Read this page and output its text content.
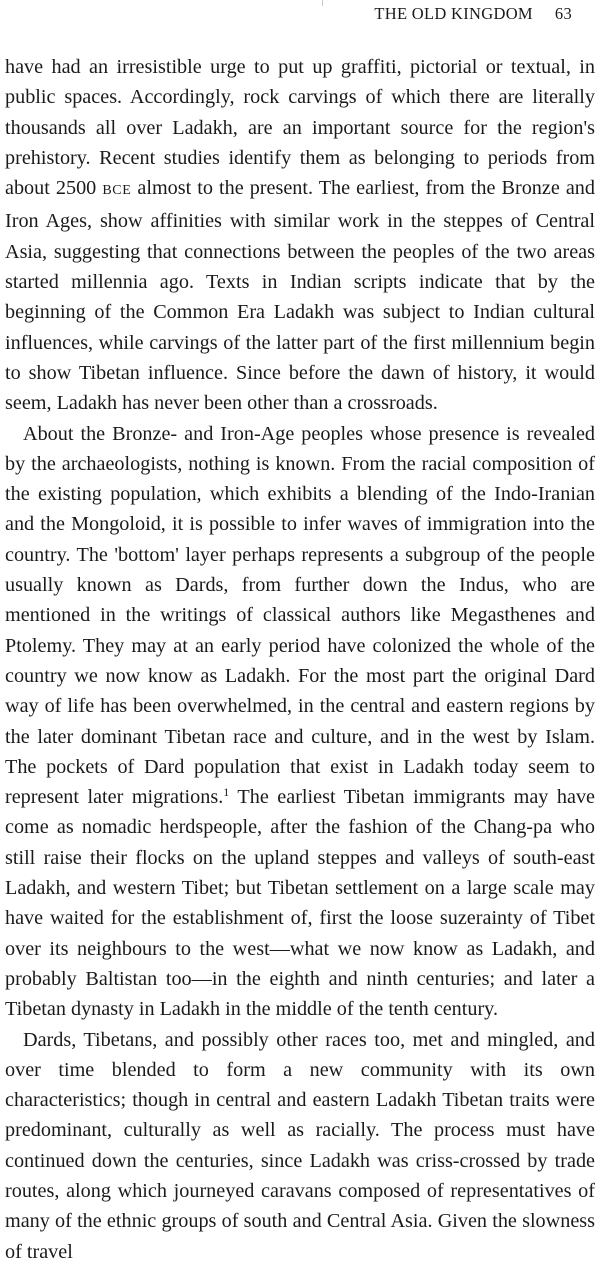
THE OLD KINGDOM 63

have had an irresistible urge to put up graffiti, pictorial or textual, in public spaces. Accordingly, rock carvings of which there are literally thousands all over Ladakh, are an important source for the region's prehistory. Recent studies identify them as belonging to periods from about 2500 BCE almost to the present. The earliest, from the Bronze and Iron Ages, show affinities with similar work in the steppes of Central Asia, suggesting that connections between the peoples of the two areas started millennia ago. Texts in Indian scripts indicate that by the beginning of the Common Era Ladakh was subject to Indian cultural influences, while carvings of the latter part of the first millennium begin to show Tibetan influence. Since before the dawn of history, it would seem, Ladakh has never been other than a crossroads.

About the Bronze- and Iron-Age peoples whose presence is revealed by the archaeologists, nothing is known. From the racial composition of the existing population, which exhibits a blending of the Indo-Iranian and the Mongoloid, it is possible to infer waves of immigration into the country. The 'bottom' layer perhaps represents a subgroup of the people usually known as Dards, from further down the Indus, who are mentioned in the writings of classical authors like Megasthenes and Ptolemy. They may at an early period have colonized the whole of the country we now know as Ladakh. For the most part the original Dard way of life has been overwhelmed, in the central and eastern regions by the later dominant Tibetan race and culture, and in the west by Islam. The pockets of Dard population that exist in Ladakh today seem to represent later migrations.$^1$ The earliest Tibetan immigrants may have come as nomadic herdspeople, after the fashion of the Chang-pa who still raise their flocks on the upland steppes and valleys of south-east Ladakh, and western Tibet; but Tibetan settlement on a large scale may have waited for the establishment of, first the loose suzerainty of Tibet over its neighbours to the west—what we now know as Ladakh, and probably Baltistan too—in the eighth and ninth centuries; and later a Tibetan dynasty in Ladakh in the middle of the tenth century.

Dards, Tibetans, and possibly other races too, met and mingled, and over time blended to form a new community with its own characteristics; though in central and eastern Ladakh Tibetan traits were predominant, culturally as well as racially. The process must have continued down the centuries, since Ladakh was criss-crossed by trade routes, along which journeyed caravans composed of representatives of many of the ethnic groups of south and Central Asia. Given the slowness of travel
